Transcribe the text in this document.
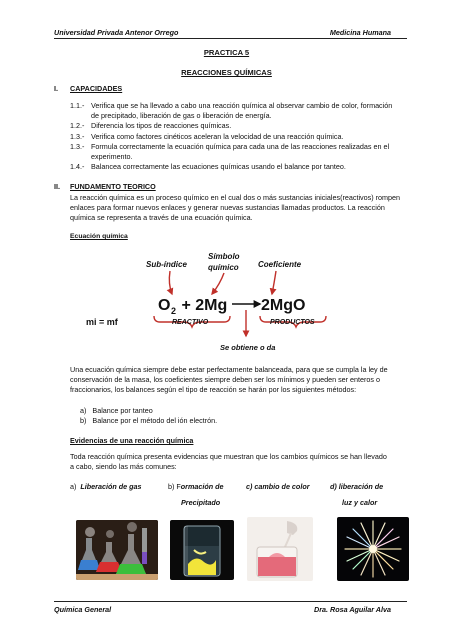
Universidad Privada Antenor Orrego	Medicina Humana
PRACTICA 5
REACCIONES QUÍMICAS
I. CAPACIDADES
1.1.- Verifica que se ha llevado a cabo una reacción química al observar cambio de color, formación
de precipitado, liberación de gas o liberación de energía.
1.2.- Diferencia los tipos de reacciones químicas.
1.3.- Verifica como factores cinéticos aceleran la velocidad de una reacción química.
1.3.- Formula correctamente la ecuación química para cada una de las reacciones realizadas en el
experimento.
1.4.- Balancea correctamente las ecuaciones químicas usando el balance por tanteo.
II. FUNDAMENTO TEORICO
La reacción química es un proceso químico en el cual dos o más sustancias iniciales(reactivos) rompen
enlaces para formar nuevos enlaces y generar nuevas sustancias llamadas productos. La reacción
química se representa a través de una ecuación química.
Ecuación química
Sub-índice
Símbolo
químico Coeficiente
O 2 + 2Mg 2MgO
REACTIVO	PRODUCTOS
Se obtiene o da
mi = mf
Una ecuación química siempre debe estar perfectamente balanceada, para que se cumpla la ley de
conservación de la masa, los coeficientes siempre deben ser los mínimos y pueden ser enteros o
fraccionarios, los balances según el tipo de reacción se harán por los siguientes métodos:
a) Balance por tanteo
b) Balance por el método del ión electrón.
Evidencias de una reacción química
Toda reacción química presenta evidencias que muestran que los cambios químicos se han llevado
a cabo, siendo las más comunes:
a) Liberación de gas	b) Formación de
Precipitado
c) cambio de color	d) liberación de
luz y calor
Química General	Dra. Rosa Aguilar Alva
